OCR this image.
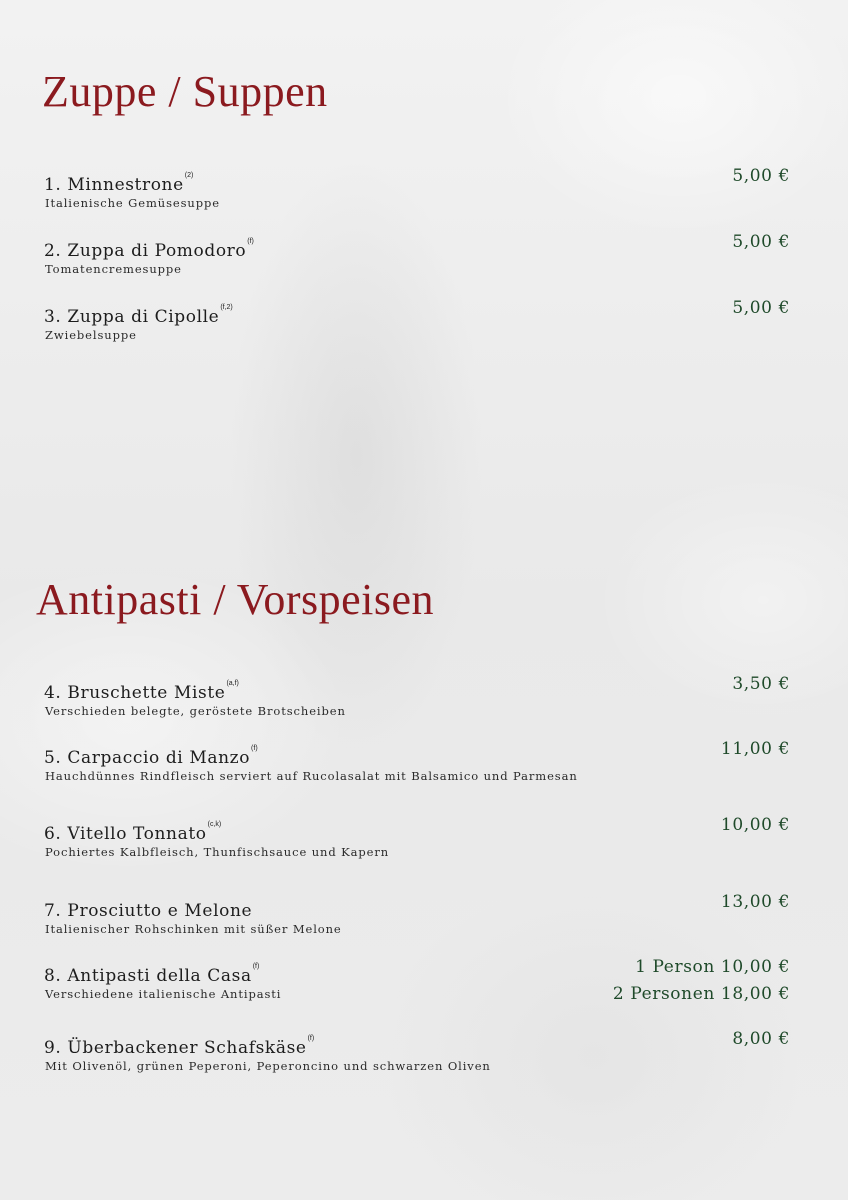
Zuppe / Suppen
1. Minnestrone$^{(2)}$
Italienische Gemüsesuppe
5,00 €
2. Zuppa di Pomodoro$^{(f)}$
Tomatencremesuppe
5,00 €
3. Zuppa di Cipolle$^{(f,2)}$
Zwiebelsuppe
5,00 €
Antipasti / Vorspeisen
4. Bruschette Miste$^{(a,f)}$
Verschieden belegte, geröstete Brotscheiben
3,50 €
5. Carpaccio di Manzo$^{(f)}$
Hauchdünnes Rindfleisch serviert auf Rucolasalat mit Balsamico und Parmesan
11,00 €
6. Vitello Tonnato$^{(c,k)}$
Pochiertes Kalbfleisch, Thunfischsauce und Kapern
10,00 €
7. Prosciutto e Melone
Italienischer Rohschinken mit süßer Melone
13,00 €
8. Antipasti della Casa$^{(f)}$
Verschiedene italienische Antipasti
1 Person 10,00 €
2 Personen 18,00 €
9. Überbackener Schafskäse$^{(f)}$
Mit Olivenöl, grünen Peperoni, Peperoncino und schwarzen Oliven
8,00 €
